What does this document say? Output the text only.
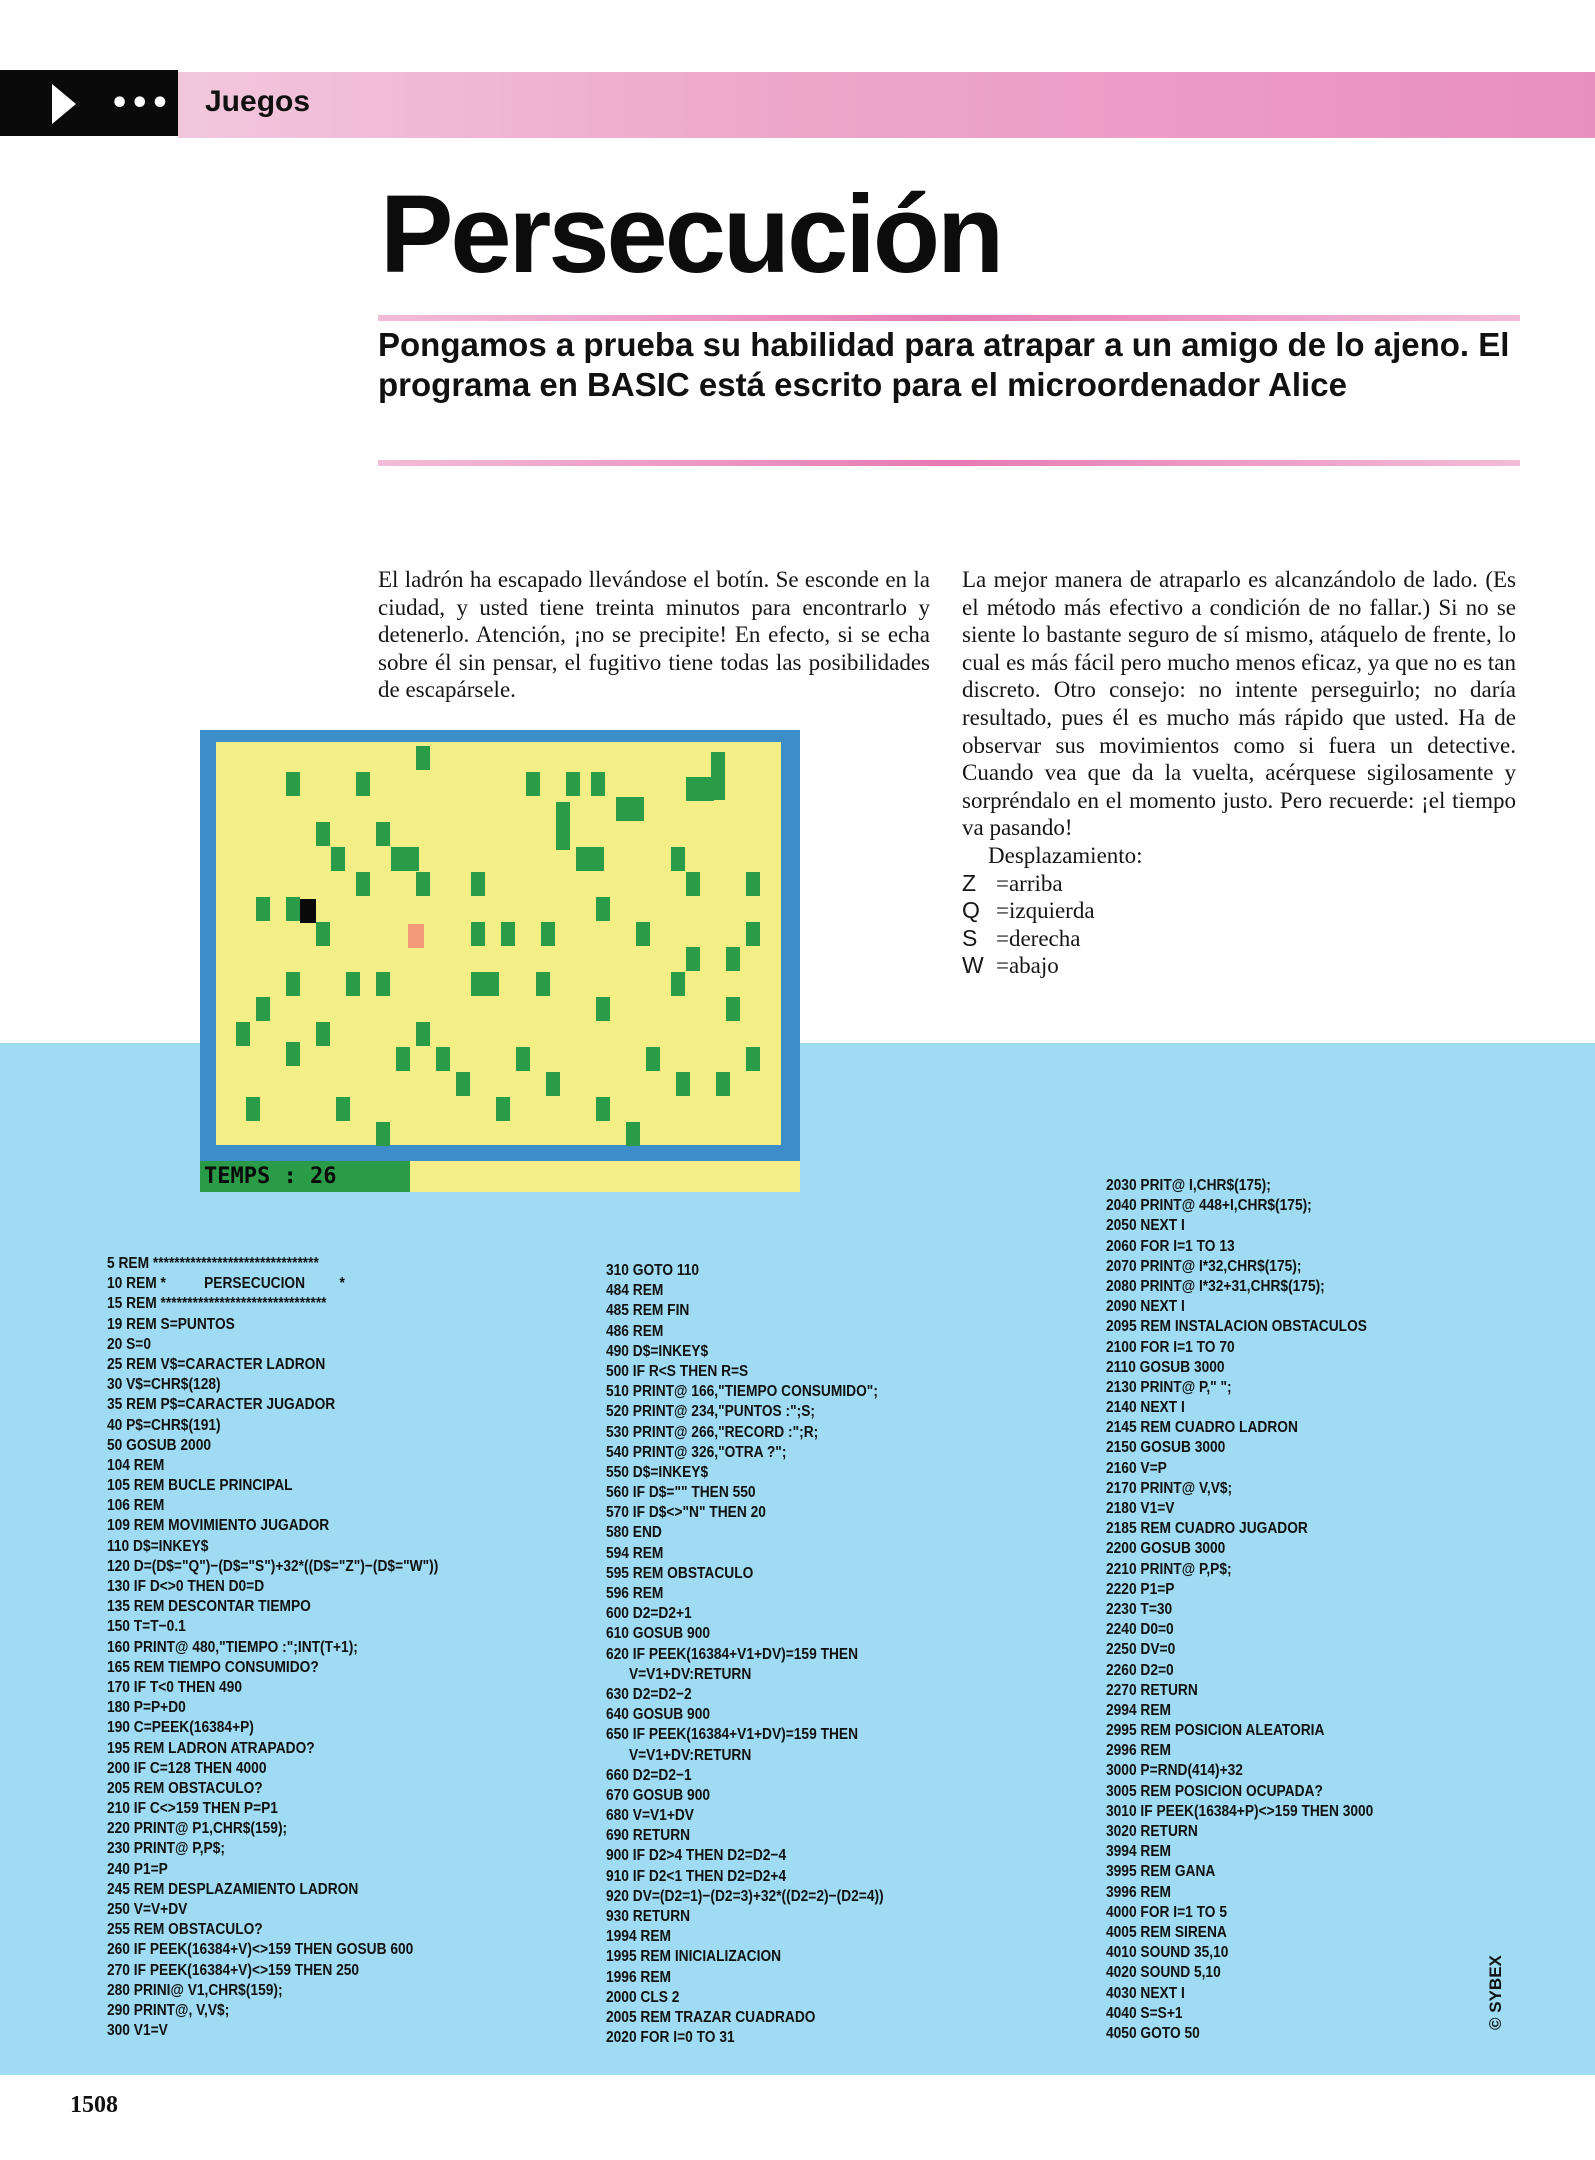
••• Juegos
Persecución
Pongamos a prueba su habilidad para atrapar a un amigo de lo ajeno. El programa en BASIC está escrito para el microordenador Alice
El ladrón ha escapado llevándose el botín. Se esconde en la ciudad, y usted tiene treinta minutos para encontrarlo y detenerlo. Atención, ¡no se precipite! En efecto, si se echa sobre él sin pensar, el fugitivo tiene todas las posibilidades de escapársele.
La mejor manera de atraparlo es alcanzándolo de lado. (Es el método más efectivo a condición de no fallar.) Si no se siente lo bastante seguro de sí mismo, atáquelo de frente, lo cual es más fácil pero mucho menos eficaz, ya que no es tan discreto. Otro consejo: no intente perseguirlo; no daría resultado, pues él es mucho más rápido que usted. Ha de observar sus movimientos como si fuera un detective. Cuando vea que da la vuelta, acérquese sigilosamente y sorpréndalo en el momento justo. Pero recuerde: ¡el tiempo va pasando!
Desplazamiento:
Z =arriba
Q =izquierda
S =derecha
W =abajo
TEMPS : 26
5 REM *******************************
10 REM *          PERSECUCION         *
15 REM *******************************
19 REM S=PUNTOS
20 S=0
25 REM V$=CARACTER LADRON
30 V$=CHR$(128)
35 REM P$=CARACTER JUGADOR
40 P$=CHR$(191)
50 GOSUB 2000
104 REM
105 REM BUCLE PRINCIPAL
106 REM
109 REM MOVIMIENTO JUGADOR
110 D$=INKEY$
120 D=(D$="Q")−(D$="S")+32*((D$="Z")−(D$="W"))
130 IF D<>0 THEN D0=D
135 REM DESCONTAR TIEMPO
150 T=T−0.1
160 PRINT@ 480,"TIEMPO :";INT(T+1);
165 REM TIEMPO CONSUMIDO?
170 IF T<0 THEN 490
180 P=P+D0
190 C=PEEK(16384+P)
195 REM LADRON ATRAPADO?
200 IF C=128 THEN 4000
205 REM OBSTACULO?
210 IF C<>159 THEN P=P1
220 PRINT@ P1,CHR$(159);
230 PRINT@ P,P$;
240 P1=P
245 REM DESPLAZAMIENTO LADRON
250 V=V+DV
255 REM OBSTACULO?
260 IF PEEK(16384+V)<>159 THEN GOSUB 600
270 IF PEEK(16384+V)<>159 THEN 250
280 PRINI@ V1,CHR$(159);
290 PRINT@, V,V$;
300 V1=V
310 GOTO 110
484 REM
485 REM FIN
486 REM
490 D$=INKEY$
500 IF R<S THEN R=S
510 PRINT@ 166,"TIEMPO CONSUMIDO";
520 PRINT@ 234,"PUNTOS :";S;
530 PRINT@ 266,"RECORD :";R;
540 PRINT@ 326,"OTRA ?";
550 D$=INKEY$
560 IF D$="" THEN 550
570 IF D$<>"N" THEN 20
580 END
594 REM
595 REM OBSTACULO
596 REM
600 D2=D2+1
610 GOSUB 900
620 IF PEEK(16384+V1+DV)=159 THEN
V=V1+DV:RETURN
630 D2=D2−2
640 GOSUB 900
650 IF PEEK(16384+V1+DV)=159 THEN
V=V1+DV:RETURN
660 D2=D2−1
670 GOSUB 900
680 V=V1+DV
690 RETURN
900 IF D2>4 THEN D2=D2−4
910 IF D2<1 THEN D2=D2+4
920 DV=(D2=1)−(D2=3)+32*((D2=2)−(D2=4))
930 RETURN
1994 REM
1995 REM INICIALIZACION
1996 REM
2000 CLS 2
2005 REM TRAZAR CUADRADO
2020 FOR I=0 TO 31
2030 PRIT@ I,CHR$(175);
2040 PRINT@ 448+I,CHR$(175);
2050 NEXT I
2060 FOR I=1 TO 13
2070 PRINT@ I*32,CHR$(175);
2080 PRINT@ I*32+31,CHR$(175);
2090 NEXT I
2095 REM INSTALACION OBSTACULOS
2100 FOR I=1 TO 70
2110 GOSUB 3000
2130 PRINT@ P," ";
2140 NEXT I
2145 REM CUADRO LADRON
2150 GOSUB 3000
2160 V=P
2170 PRINT@ V,V$;
2180 V1=V
2185 REM CUADRO JUGADOR
2200 GOSUB 3000
2210 PRINT@ P,P$;
2220 P1=P
2230 T=30
2240 D0=0
2250 DV=0
2260 D2=0
2270 RETURN
2994 REM
2995 REM POSICION ALEATORIA
2996 REM
3000 P=RND(414)+32
3005 REM POSICION OCUPADA?
3010 IF PEEK(16384+P)<>159 THEN 3000
3020 RETURN
3994 REM
3995 REM GANA
3996 REM
4000 FOR I=1 TO 5
4005 REM SIRENA
4010 SOUND 35,10
4020 SOUND 5,10
4030 NEXT I
4040 S=S+1
4050 GOTO 50
© SYBEX
1508
